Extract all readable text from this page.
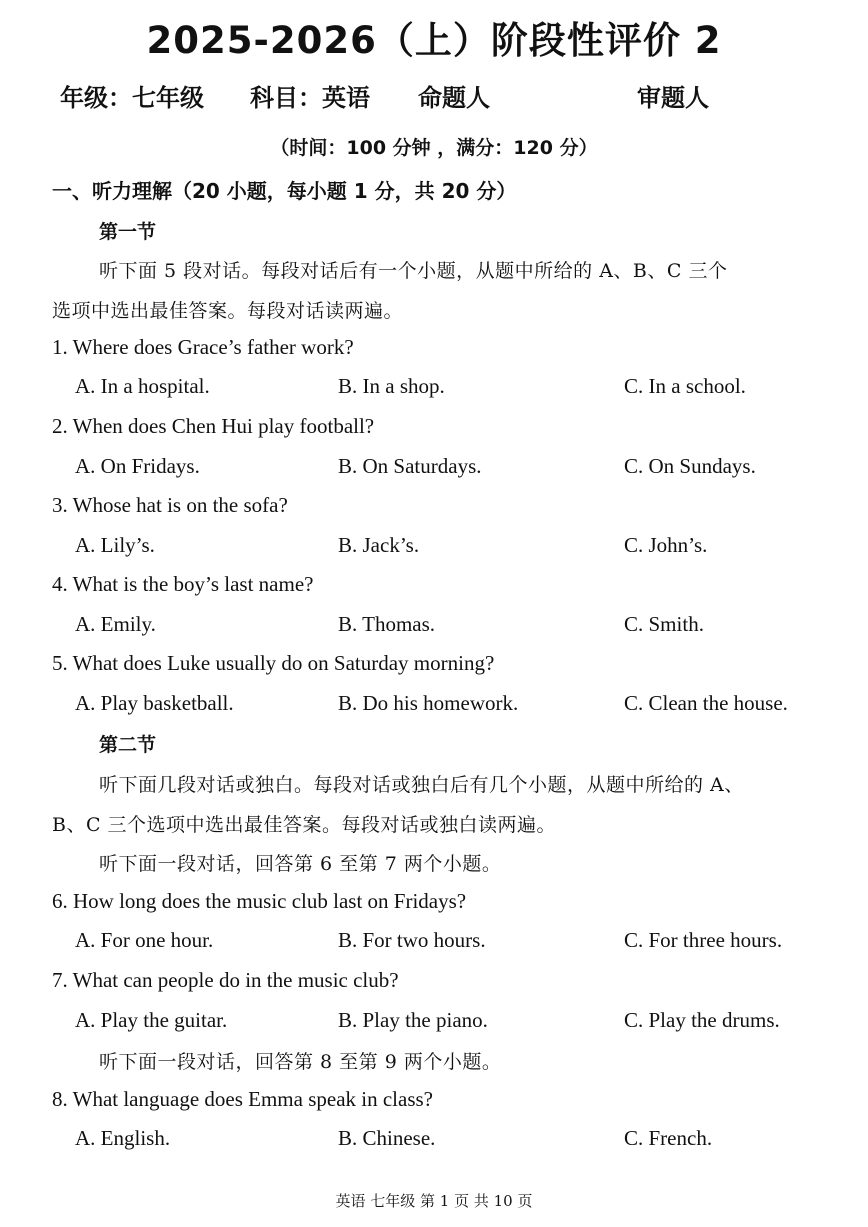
2025-2026（上）阶段性评价 2
年级：七年级 科目：英语 命题人	审题人
（时间：100 分钟 ，满分：120 分）
一、听力理解（20 小题，每小题 1 分，共 20 分）
第一节
听下面 5 段对话。每段对话后有一个小题，从题中所给的 A、B、C 三个
选项中选出最佳答案。每段对话读两遍。
1. Where does Grace’s father work?
A. In a hospital.	B. In a shop.	C. In a school.
2. When does Chen Hui play football?
A. On Fridays.	B. On Saturdays.	C. On Sundays.
3. Whose hat is on the sofa?
A. Lily’s.	B. Jack’s.	C. John’s.
4. What is the boy’s last name?
A. Emily.	B. Thomas.	C. Smith.
5. What does Luke usually do on Saturday morning?
A. Play basketball.	B. Do his homework.	C. Clean the house.
第二节
听下面几段对话或独白。每段对话或独白后有几个小题，从题中所给的 A、
B、C 三个选项中选出最佳答案。每段对话或独白读两遍。
听下面一段对话，回答第 6 至第 7 两个小题。
6. How long does the music club last on Fridays?
A. For one hour.	B. For two hours.	C. For three hours.
7. What can people do in the music club?
A. Play the guitar.	B. Play the piano.	C. Play the drums.
听下面一段对话，回答第 8 至第 9 两个小题。
8. What language does Emma speak in class?
A. English.	B. Chinese.	C. French.
英语 七年级 第 1 页 共 10 页
